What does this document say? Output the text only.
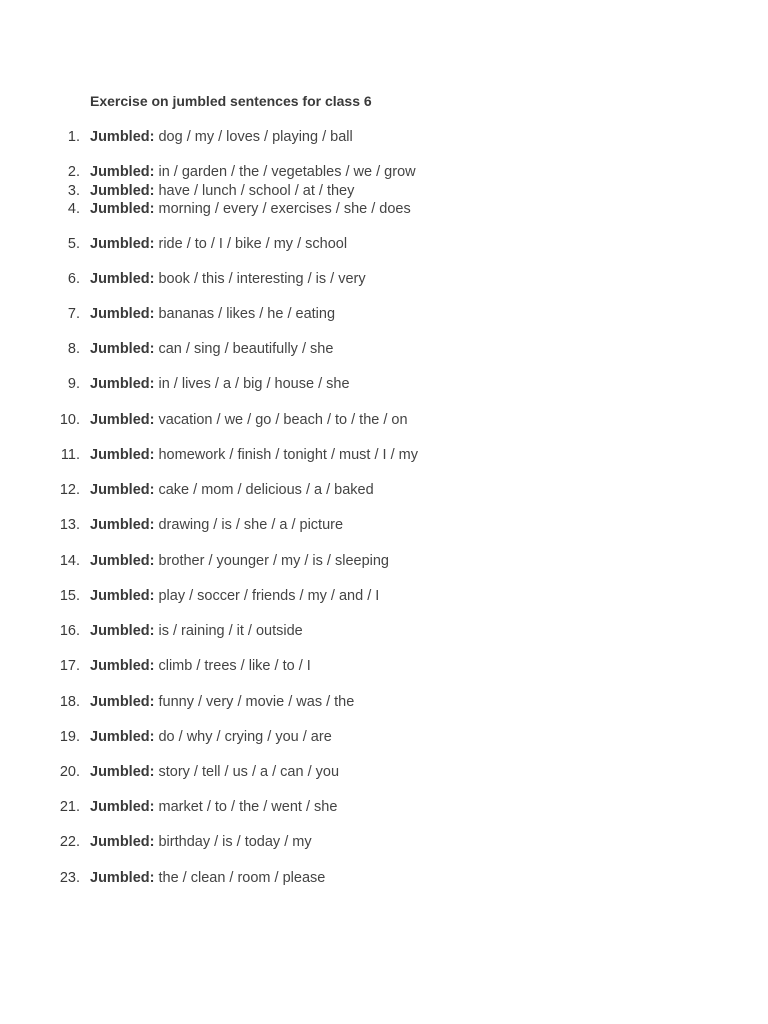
Exercise on jumbled sentences for class 6
1. Jumbled: dog / my / loves / playing / ball
2. Jumbled: in / garden / the / vegetables / we / grow
3. Jumbled: have / lunch / school / at / they
4. Jumbled: morning / every / exercises / she / does
5. Jumbled: ride / to / I / bike / my / school
6. Jumbled: book / this / interesting / is / very
7. Jumbled: bananas / likes / he / eating
8. Jumbled: can / sing / beautifully / she
9. Jumbled: in / lives / a / big / house / she
10. Jumbled: vacation / we / go / beach / to / the / on
11. Jumbled: homework / finish / tonight / must / I / my
12. Jumbled: cake / mom / delicious / a / baked
13. Jumbled: drawing / is / she / a / picture
14. Jumbled: brother / younger / my / is / sleeping
15. Jumbled: play / soccer / friends / my / and / I
16. Jumbled: is / raining / it / outside
17. Jumbled: climb / trees / like / to / I
18. Jumbled: funny / very / movie / was / the
19. Jumbled: do / why / crying / you / are
20. Jumbled: story / tell / us / a / can / you
21. Jumbled: market / to / the / went / she
22. Jumbled: birthday / is / today / my
23. Jumbled: the / clean / room / please
